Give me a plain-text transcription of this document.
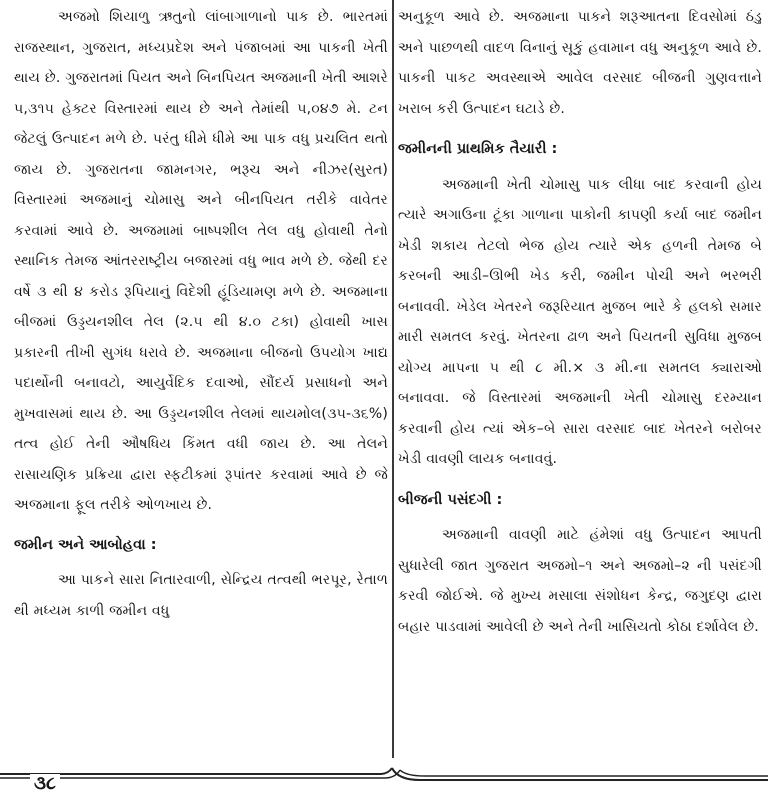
અજમો શિયાળુ ઋતુનો લાંબાગાળાનો પાક છે. ભારતમાં રાજસ્થાન, ગુજરાત, મધ્યપ્રદેશ અને પંજાબમાં આ પાકની ખેતી થાય છે. ગુજરાતમાં પિયત અને બિનપિયત અજમાની ખેતી આશરે ૫,૩૧૫ હેક્ટર વિસ્તારમાં થાય છે અને તેમાંથી ૫,૦૪૭ મે. ટન જેટલું ઉત્પાદન મળે છે. પરંતુ ધીમે ધીમે આ પાક વધુ પ્રચલિત થતો જાય છે. ગુજરાતના જામનગર, ભરૂચ અને નીઝર(સુરત) વિસ્તારમાં અજમાનું ચોમાસુ અને બીનપિયત તરીકે વાવેતર કરવામાં આવે છે. અજમામાં બાષ્પશીલ તેલ વધુ હોવાથી તેનો સ્થાનિક તેમજ આંતરરાષ્ટ્રીય બજારમાં વધુ ભાવ મળે છે. જેથી દર વર્ષે ૩ થી ૪ કરોડ રૂપિયાનું વિદેશી હૂંડિયામણ મળે છે. અજમાના બીજમાં ઉડ્ડયનશીલ તેલ (૨.૫ થી ૪.૦ ટકા) હોવાથી ખાસ પ્રકારની તીખી સુગંધ ધરાવે છે. અજમાના બીજનો ઉપયોગ ખાદ્ય પદાર્થોની બનાવટો, આયુર્વેદિક દવાઓ, સૌંદર્ય પ્રસાધનો અને મુખવાસમાં થાય છે. આ ઉડ્ડયનશીલ તેલમાં થાયમોલ(૩૫-૩૬%) તત્વ હોઈ તેની ઔષધિય કિંમત વધી જાય છે. આ તેલને રાસાયણિક પ્રક્રિયા દ્વારા સ્ફટીકમાં રૂપાંતર કરવામાં આવે છે જે અજમાના ફૂલ તરીકે ઓળખાય છે.

જમીન અને આબોહવા :

આ પાકને સારા નિતારવાળી, સેન્દ્રિય તત્વથી ભરપૂર, રેતાળ થી મધ્યમ કાળી જમીન વધુ

અનુકૂળ આવે છે. અજમાના પાકને શરૂઆતના દિવસોમાં ઠંડુ અને પાછળથી વાદળ વિનાનું સૂકું હવામાન વધુ અનુકૂળ આવે છે. પાકની પાકટ અવસ્થાએ આવેલ વરસાદ બીજની ગુણવત્તાને ખરાબ કરી ઉત્પાદન ઘટાડે છે.

જમીનની પ્રાથમિક તૈયારી :

અજમાની ખેતી ચોમાસુ પાક લીધા બાદ કરવાની હોય ત્યારે અગાઉના ટૂંકા ગાળાના પાકોની કાપણી કર્યા બાદ જમીન ખેડી શકાય તેટલો ભેજ હોય ત્યારે એક હળની તેમજ બે કરબની આડી–ઊભી ખેડ કરી, જમીન પોચી અને ભરભરી બનાવવી. ખેડેલ ખેતરને જરૂરિયાત મુજબ ભારે કે હલકો સમાર મારી સમતલ કરવું. ખેતરના ઢાળ અને પિયતની સુવિધા મુજબ યોગ્ય માપના ૫ થી ૮ મી.× ૩ મી.ના સમતલ ક્યારાઓ બનાવવા. જે વિસ્તારમાં અજમાની ખેતી ચોમાસુ દરમ્યાન કરવાની હોય ત્યાં એક–બે સારા વરસાદ બાદ ખેતરને બરોબર ખેડી વાવણી લાયક બનાવવું.

બીજની પસંદગી :

અજમાની વાવણી માટે હંમેશાં વધુ ઉત્પાદન આપતી સુધારેલી જાત ગુજરાત અજમો–૧ અને અજમો–૨ ની પસંદગી કરવી જોઈએ. જે મુખ્ય મસાલા સંશોધન કેન્દ્ર, જગુદણ દ્વારા બહાર પાડવામાં આવેલી છે અને તેની ખાસિયતો કોઠા દર્શાવેલ છે.

૩૮
